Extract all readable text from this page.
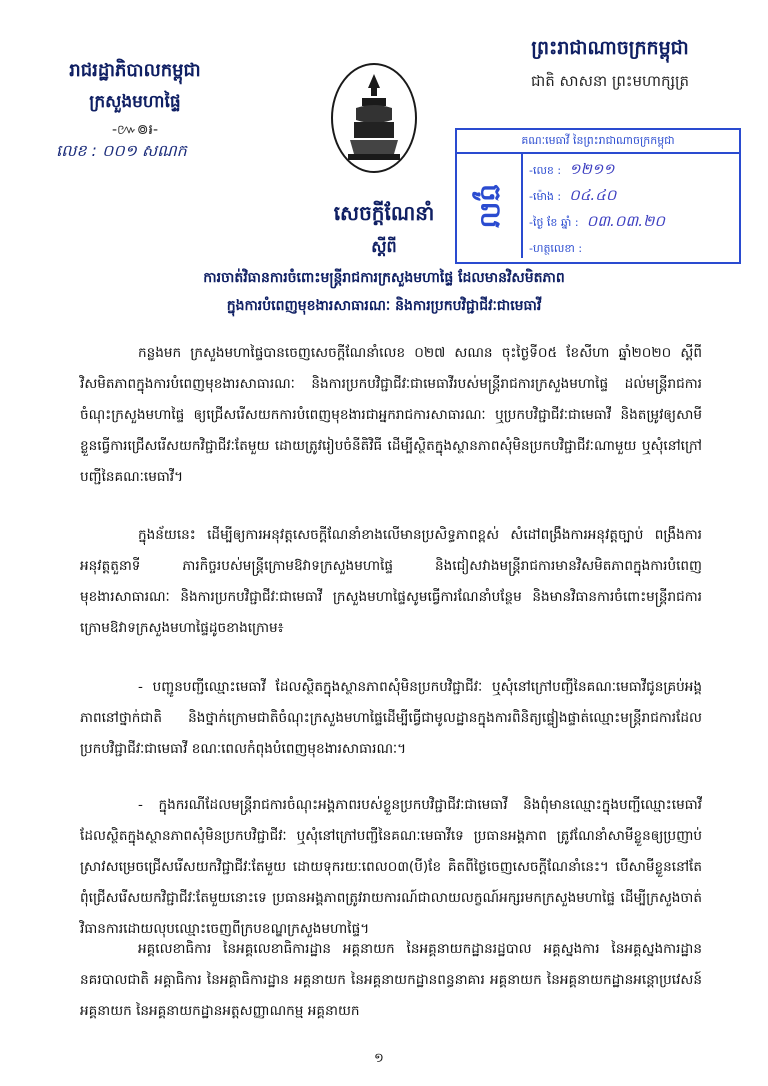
រាជរដ្ឋាភិបាលកម្ពុជា
ក្រសួងមហាផ្ទៃ
-៚៙៛-
លេខ : ០០១ សណក
ព្រះរាជាណាចក្រកម្ពុជា
ជាតិ សាសនា ព្រះមហាក្សត្រ
គណៈមេធាវី នៃព្រះរាជាណាចក្រកម្ពុជា
ចូល
-លេខ : ១២១១
-ម៉ោង : ០៤.៤០
-ថ្ងៃ ខែ ឆ្នាំ : ០៣.០៣.២០
-ហត្ថលេខា :
សេចក្ដីណែនាំ
ស្ដីពី
ការចាត់វិធានការចំពោះមន្ត្រីរាជការក្រសួងមហាផ្ទៃ ដែលមានវិសមិតភាព
ក្នុងការបំពេញមុខងារសាធារណៈ និងការប្រកបវិជ្ជាជីវៈជាមេធាវី
កន្លងមក ក្រសួងមហាផ្ទៃបានចេញសេចក្ដីណែនាំលេខ ០២៧ សណន ចុះថ្ងៃទី០៥ ខែសីហា ឆ្នាំ២០២០ ស្ដីពីវិសមិតភាពក្នុងការបំពេញមុខងារសាធារណៈ និងការប្រកបវិជ្ជាជីវៈជាមេធាវីរបស់មន្ត្រីរាជការក្រសួងមហាផ្ទៃ ដល់មន្ត្រីរាជការចំណុះក្រសួងមហាផ្ទៃ ឲ្យជ្រើសរើសយកការបំពេញមុខងារជាអ្នករាជការសាធារណៈ ឬប្រកបវិជ្ជាជីវៈជាមេធាវី និងតម្រូវឲ្យសាមីខ្លួនធ្វើការជ្រើសរើសយកវិជ្ជាជីវៈតែមួយ ដោយត្រូវរៀបចំនីតិវិធី ដើម្បីស្ថិតក្នុងស្ថានភាពសុំមិនប្រកបវិជ្ជាជីវៈណាមួយ ឬសុំនៅក្រៅបញ្ជីនៃគណៈមេធាវី។
ក្នុងន័យនេះ ដើម្បីឲ្យការអនុវត្តសេចក្ដីណែនាំខាងលើមានប្រសិទ្ធភាពខ្ពស់ សំដៅពង្រឹងការអនុវត្តច្បាប់ ពង្រឹងការអនុវត្តតួនាទី ភារកិច្ចរបស់មន្ត្រីក្រោមឱវាទក្រសួងមហាផ្ទៃ និងជៀសវាងមន្ត្រីរាជការមានវិសមិតភាពក្នុងការបំពេញមុខងារសាធារណៈ និងការប្រកបវិជ្ជាជីវៈជាមេធាវី ក្រសួងមហាផ្ទៃសូមធ្វើការណែនាំបន្ថែម និងមានវិធានការចំពោះមន្ត្រីរាជការក្រោមឱវាទក្រសួងមហាផ្ទៃដូចខាងក្រោម៖
- បញ្ជូនបញ្ជីឈ្មោះមេធាវី ដែលស្ថិតក្នុងស្ថានភាពសុំមិនប្រកបវិជ្ជាជីវៈ ឬសុំនៅក្រៅបញ្ជីនៃគណៈមេធាវីជូនគ្រប់អង្គភាពនៅថ្នាក់ជាតិ និងថ្នាក់ក្រោមជាតិចំណុះក្រសួងមហាផ្ទៃដើម្បីធ្វើជាមូលដ្ឋានក្នុងការពិនិត្យផ្ទៀងផ្ទាត់ឈ្មោះមន្ត្រីរាជការដែលប្រកបវិជ្ជាជីវៈជាមេធាវី ខណៈពេលកំពុងបំពេញមុខងារសាធារណៈ។
- ក្នុងករណីដែលមន្ត្រីរាជការចំណុះអង្គភាពរបស់ខ្លួនប្រកបវិជ្ជាជីវៈជាមេធាវី និងពុំមានឈ្មោះក្នុងបញ្ជីឈ្មោះមេធាវីដែលស្ថិតក្នុងស្ថានភាពសុំមិនប្រកបវិជ្ជាជីវៈ ឬសុំនៅក្រៅបញ្ជីនៃគណៈមេធាវីទេ ប្រធានអង្គភាព ត្រូវណែនាំសាមីខ្លួនឲ្យប្រញាប់ស្រាវសម្រេចជ្រើសរើសយកវិជ្ជាជីវៈតែមួយ ដោយទុករយៈពេល០៣(បី)ខែ គិតពីថ្ងៃចេញសេចក្ដីណែនាំនេះ។ បើសាមីខ្លួននៅតែពុំជ្រើសរើសយកវិជ្ជាជីវៈតែមួយនោះទេ ប្រធានអង្គភាពត្រូវរាយការណ៍ជាលាយលក្ខណ៍អក្សរមកក្រសួងមហាផ្ទៃ ដើម្បីក្រសួងចាត់វិធានការដោយលុបឈ្មោះចេញពីក្របខណ្ឌក្រសួងមហាផ្ទៃ។
អគ្គលេខាធិការ នៃអគ្គលេខាធិការដ្ឋាន អគ្គនាយក នៃអគ្គនាយកដ្ឋានរដ្ឋបាល អគ្គស្នងការ នៃអគ្គស្នងការដ្ឋាននគរបាលជាតិ អគ្គាធិការ នៃអគ្គាធិការដ្ឋាន អគ្គនាយក នៃអគ្គនាយកដ្ឋានពន្ធនាគារ អគ្គនាយក នៃអគ្គនាយកដ្ឋានអន្តោប្រវេសន៍ អគ្គនាយក នៃអគ្គនាយកដ្ឋានអត្តសញ្ញាណកម្ម អគ្គនាយក
១
